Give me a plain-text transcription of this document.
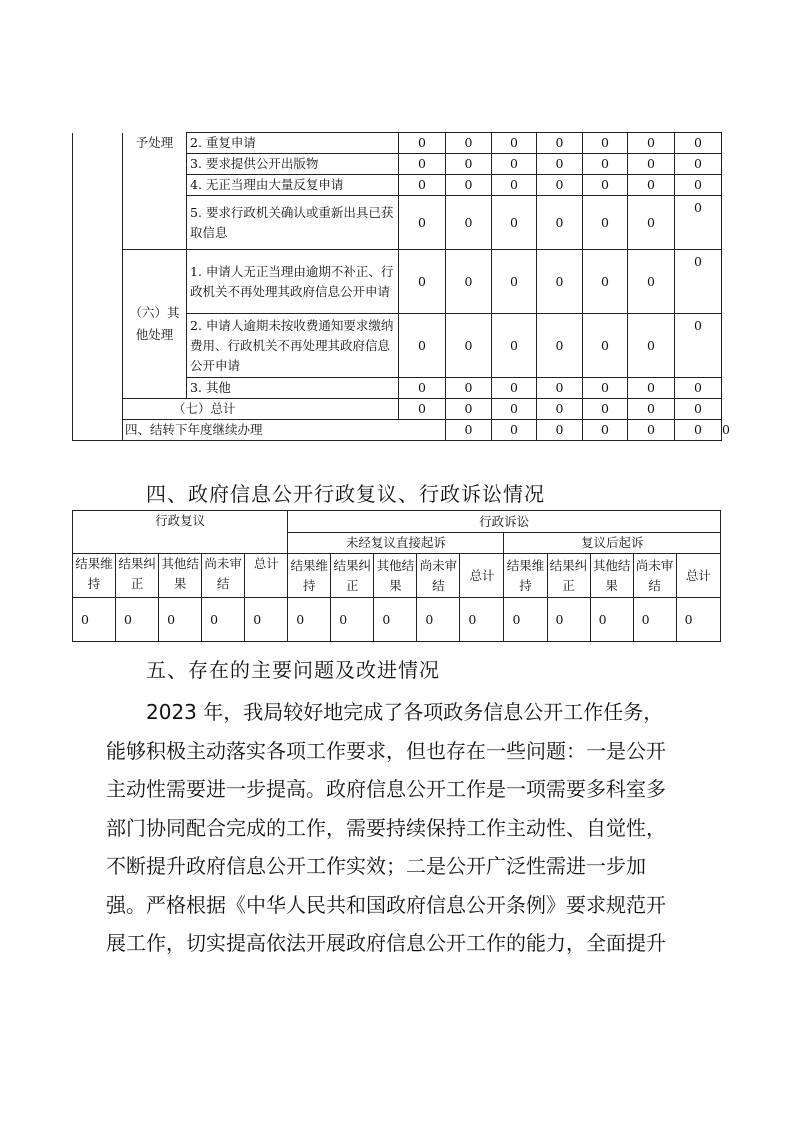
	予处理	2. 重复申请	0	0	0	0	0	0	0	
		3. 要求提供公开出版物	0	0	0	0	0	0	0	
		4. 无正当理由大量反复申请	0	0	0	0	0	0	0	
		5. 要求行政机关确认或重新出具已获取信息	0	0	0	0	0	0	0	
	（六）其他处理	1. 申请人无正当理由逾期不补正、行政机关不再处理其政府信息公开申请	0	0	0	0	0	0	0	
		2. 申请人逾期未按收费通知要求缴纳费用、行政机关不再处理其政府信息公开申请	0	0	0	0	0	0	0	
		3. 其他	0	0	0	0	0	0	0	
	（七）总计		0	0	0	0	0	0	0	
	四、结转下年度继续办理			0	0	0	0	0	0	0
四、政府信息公开行政复议、行政诉讼情况
行政复议					行政诉讼									
					未经复议直接起诉					复议后起诉				
结果维持	结果纠正	其他结果	尚未审结	总计	结果维持	结果纠正	其他结果	尚未审结	总计	结果维持	结果纠正	其他结果	尚未审结	总计
0	0	0	0	0	0	0	0	0	0	0	0	0	0	0
五、存在的主要问题及改进情况
2023 年，我局较好地完成了各项政务信息公开工作任务，
能够积极主动落实各项工作要求，但也存在一些问题：一是公开
主动性需要进一步提高。政府信息公开工作是一项需要多科室多
部门协同配合完成的工作，需要持续保持工作主动性、自觉性，
不断提升政府信息公开工作实效；二是公开广泛性需进一步加
强。严格根据《中华人民共和国政府信息公开条例》要求规范开
展工作，切实提高依法开展政府信息公开工作的能力，全面提升
